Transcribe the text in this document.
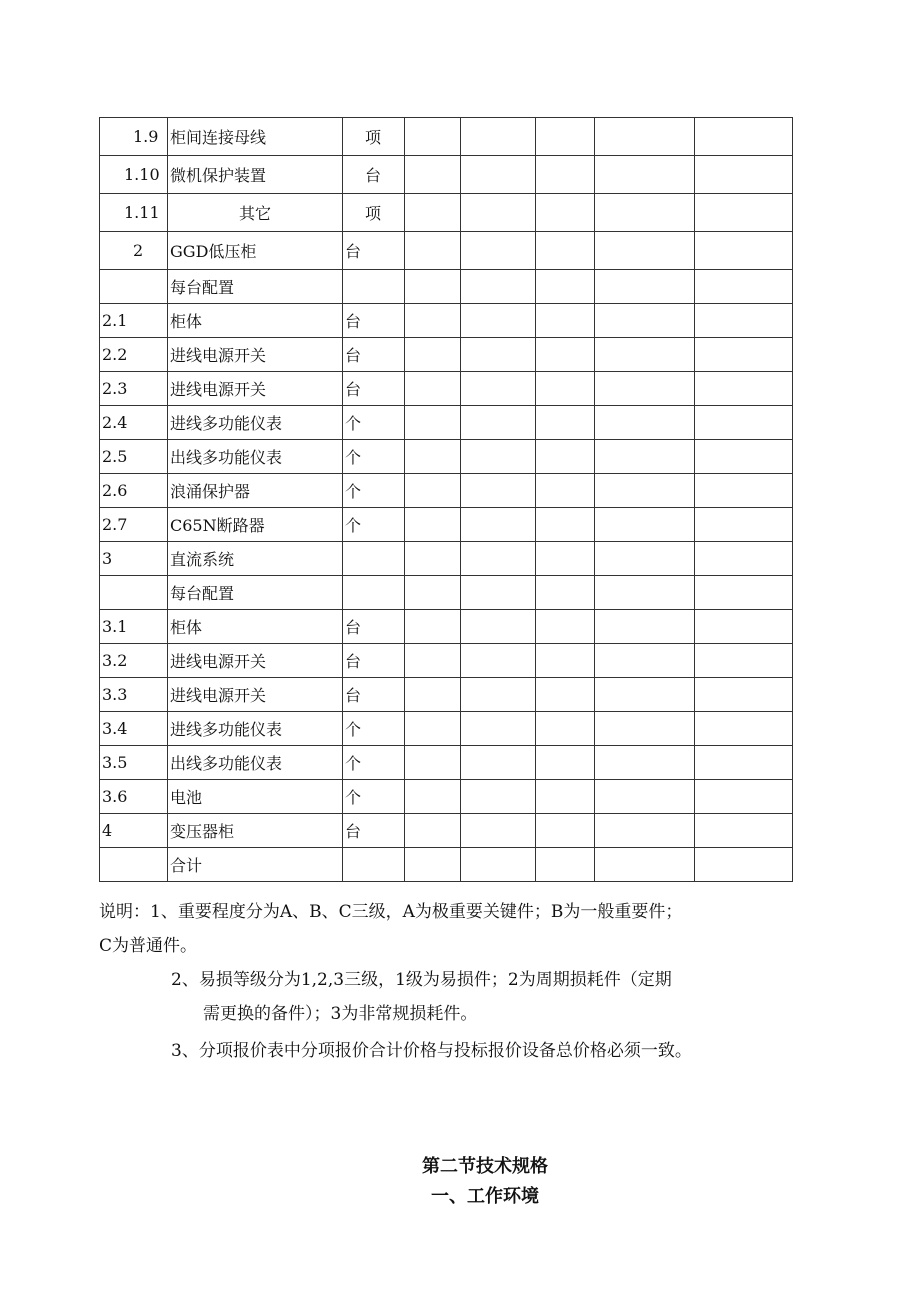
1.9	柜间连接母线	项					
1.10	微机保护装置	台					
1.11	其它	项					
2	GGD低压柜	台					
	每台配置						
2.1	柜体	台					
2.2	进线电源开关	台					
2.3	进线电源开关	台					
2.4	进线多功能仪表	个					
2.5	出线多功能仪表	个					
2.6	浪涌保护器	个					
2.7	C65N断路器	个					
3	直流系统						
	每台配置						
3.1	柜体	台					
3.2	进线电源开关	台					
3.3	进线电源开关	台					
3.4	进线多功能仪表	个					
3.5	出线多功能仪表	个					
3.6	电池	个					
4	变压器柜	台					
	合计						

说明：1、重要程度分为A、B、C三级，A为极重要关键件；B为一般重要件；

C为普通件。

2、易损等级分为1,2,3三级，1级为易损件；2为周期损耗件（定期

需更换的备件）；3为非常规损耗件。

3、分项报价表中分项报价合计价格与投标报价设备总价格必须一致。

第二节技术规格
一、工作环境
